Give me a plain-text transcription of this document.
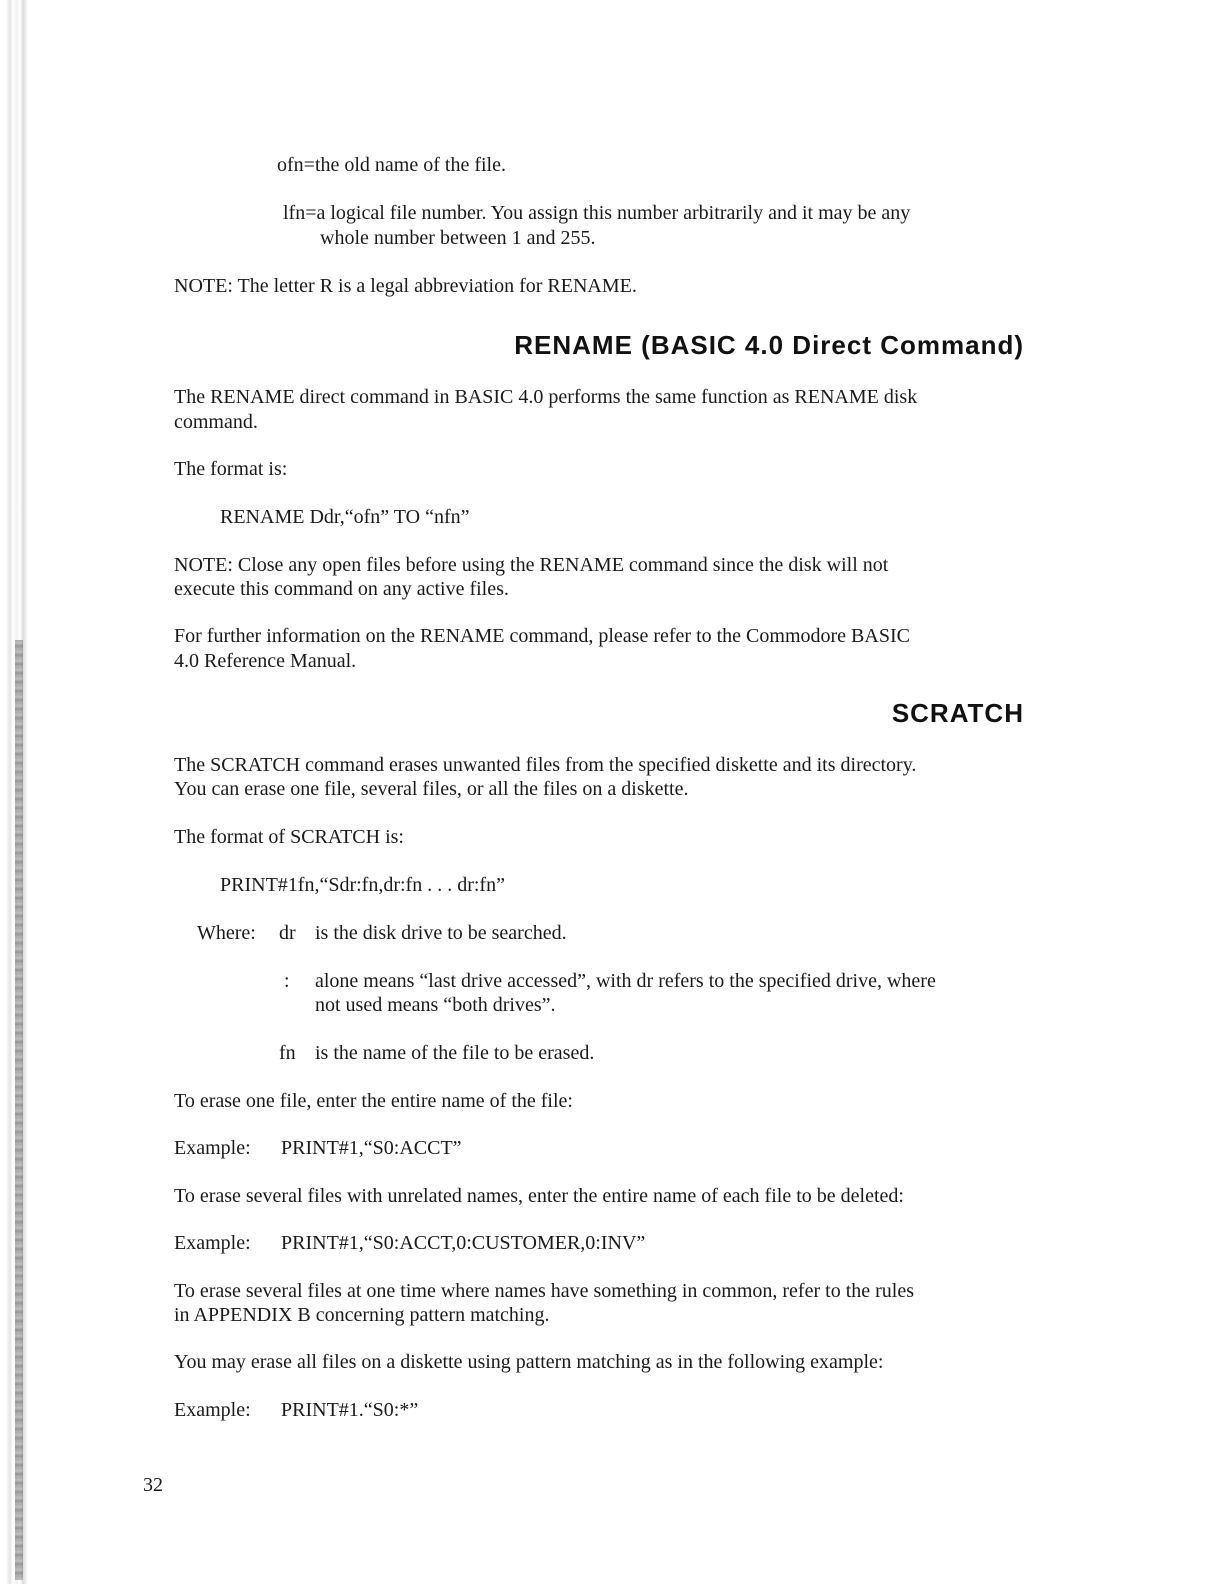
ofn=the old name of the file.

lfn=a logical file number. You assign this number arbitrarily and it may be any

whole number between 1 and 255.

NOTE: The letter R is a legal abbreviation for RENAME.

RENAME (BASIC 4.0 Direct Command)

The RENAME direct command in BASIC 4.0 performs the same function as RENAME disk

command.

The format is:

RENAME Ddr,“ofn” TO “nfn”

NOTE: Close any open files before using the RENAME command since the disk will not

execute this command on any active files.

For further information on the RENAME command, please refer to the Commodore BASIC

4.0 Reference Manual.

SCRATCH

The SCRATCH command erases unwanted files from the specified diskette and its directory.

You can erase one file, several files, or all the files on a diskette.

The format of SCRATCH is:

PRINT#1fn,“Sdr:fn,dr:fn . . . dr:fn”

Where: dr is the disk drive to be searched.

: alone means “last drive accessed”, with dr refers to the specified drive, where

not used means “both drives”.

fn is the name of the file to be erased.

To erase one file, enter the entire name of the file:

Example: PRINT#1,“S0:ACCT”

To erase several files with unrelated names, enter the entire name of each file to be deleted:

Example: PRINT#1,“S0:ACCT,0:CUSTOMER,0:INV”

To erase several files at one time where names have something in common, refer to the rules

in APPENDIX B concerning pattern matching.

You may erase all files on a diskette using pattern matching as in the following example:

Example: PRINT#1.“S0:*”

32
